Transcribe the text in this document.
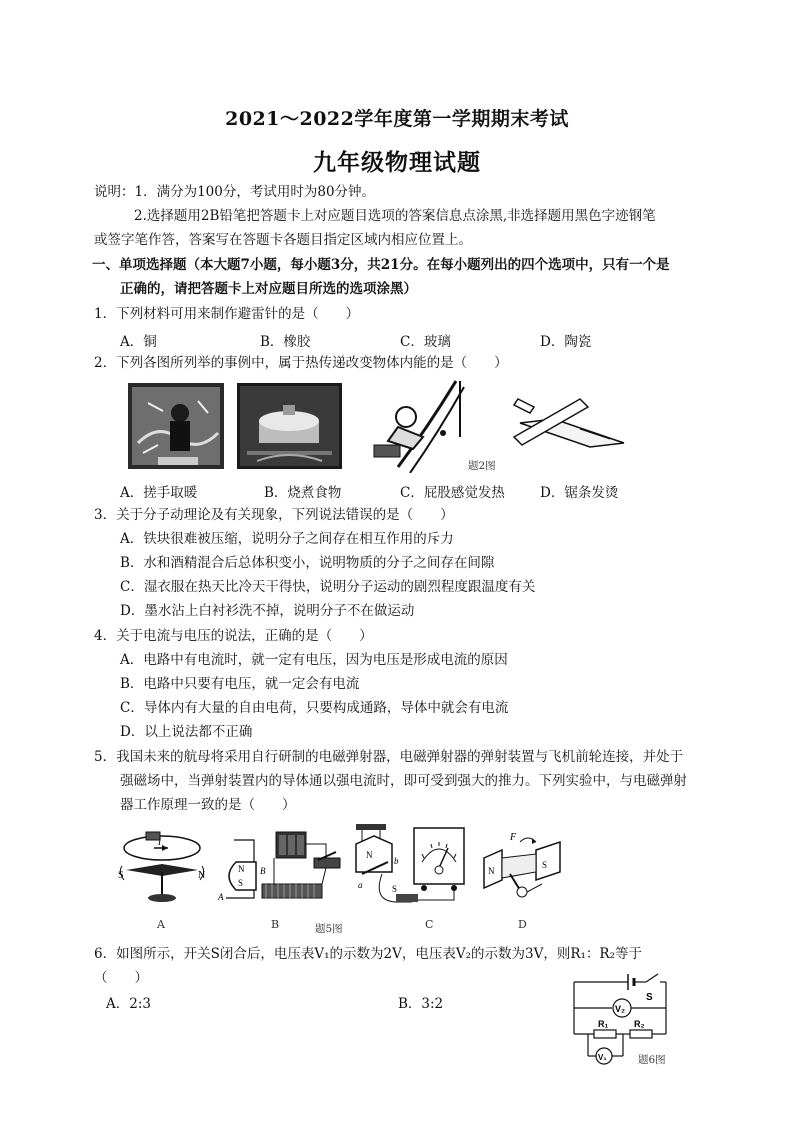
2021～2022学年度第一学期期末考试
九年级物理试题
说明：1．满分为100分，考试用时为80分钟。
2.选择题用2B铅笔把答题卡上对应题目选项的答案信息点涂黑,非选择题用黑色字迹钢笔
或签字笔作答，答案写在答题卡各题目指定区域内相应位置上。
一、单项选择题（本大题7小题，每小题3分，共21分。在每小题列出的四个选项中，只有一个是
正确的，请把答题卡上对应题目所选的选项涂黑）
1．下列材料可用来制作避雷针的是（　　）
A．铜	B．橡胶	C．玻璃	D．陶瓷
2．下列各图所列举的事例中，属于热传递改变物体内能的是（　　）
题2图
A．搓手取暖	B．烧煮食物	C．屁股感觉发热	D．锯条发烫
3．关于分子动理论及有关现象，下列说法错误的是（　　）
A．铁块很难被压缩，说明分子之间存在相互作用的斥力
B．水和酒精混合后总体积变小，说明物质的分子之间存在间隙
C．湿衣服在热天比冷天干得快，说明分子运动的剧烈程度跟温度有关
D．墨水沾上白衬衫洗不掉，说明分子不在做运动
4．关于电流与电压的说法，正确的是（　　）
A．电路中有电流时，就一定有电压，因为电压是形成电流的原因
B．电路中只要有电压，就一定会有电流
C．导体内有大量的自由电荷，只要构成通路，导体中就会有电流
D．以上说法都不正确
5．我国未来的航母将采用自行研制的电磁弹射器，电磁弹射器的弹射装置与飞机前轮连接，并处于
强磁场中，当弹射装置内的导体通以强电流时，即可受到强大的推力。下列实验中，与电磁弹射
器工作原理一致的是（　　）
I
S	N
A
N
S
A
B
B	题5图
N
a
b
S
C
F
N
S
D
6．如图所示，开关S闭合后，电压表V₁的示数为2V，电压表V₂的示数为3V，则R₁：R₂等于
（　　）
A．2:3	B．3:2	S
V₂
R₁	R₂
V₁	题6图
